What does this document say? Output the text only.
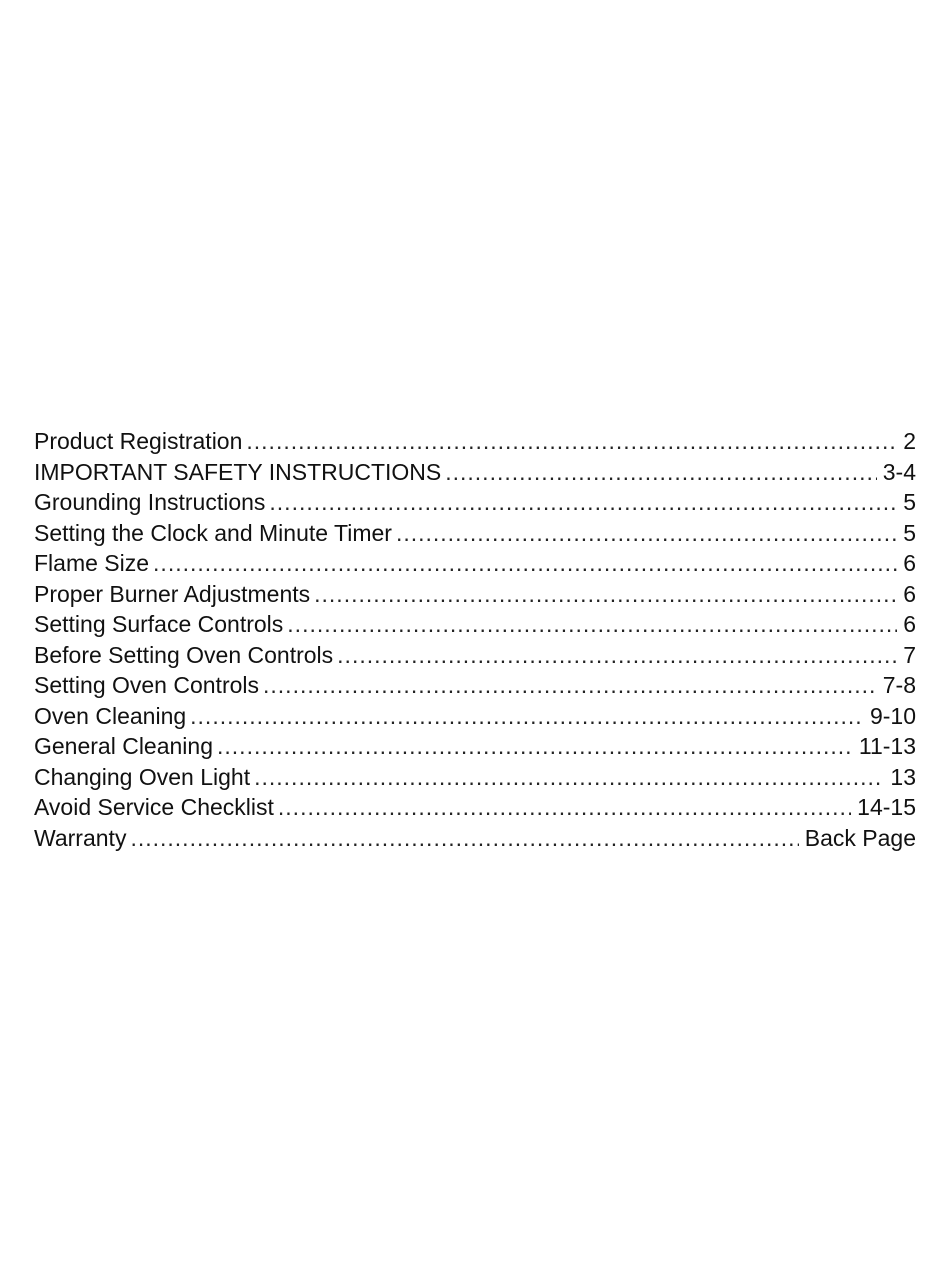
Product Registration .....	2
IMPORTANT SAFETY INSTRUCTIONS .....	3-4
Grounding Instructions .....	5
Setting the Clock and Minute Timer .....	5
Flame Size .....	6
Proper Burner Adjustments .....	6
Setting Surface Controls .....	6
Before Setting Oven Controls .....	7
Setting Oven Controls .....	7-8
Oven Cleaning .....	9-10
General Cleaning .....	11-13
Changing Oven Light .....	13
Avoid Service Checklist .....	14-15
Warranty .....	Back Page
